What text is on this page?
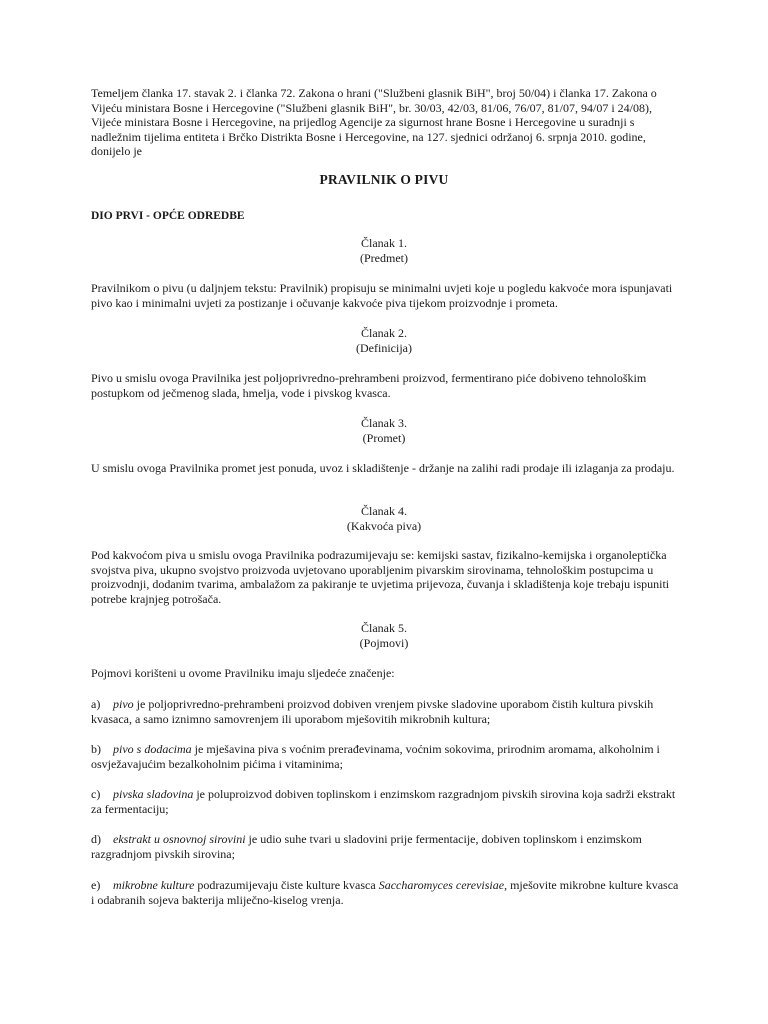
Temeljem članka 17. stavak 2. i članka 72. Zakona o hrani ("Službeni glasnik BiH", broj 50/04) i članka 17. Zakona o Vijeću ministara Bosne i Hercegovine ("Službeni glasnik BiH", br. 30/03, 42/03, 81/06, 76/07, 81/07, 94/07 i 24/08), Vijeće ministara Bosne i Hercegovine, na prijedlog Agencije za sigurnost hrane Bosne i Hercegovine u suradnji s nadležnim tijelima entiteta i Brčko Distrikta Bosne i Hercegovine, na 127. sjednici održanoj 6. srpnja 2010. godine, donijelo je

PRAVILNIK O PIVU
DIO PRVI - OPĆE ODREDBE
Članak 1.
(Predmet)

Pravilnikom o pivu (u daljnjem tekstu: Pravilnik) propisuju se minimalni uvjeti koje u pogledu kakvoće mora ispunjavati pivo kao i minimalni uvjeti za postizanje i očuvanje kakvoće piva tijekom proizvodnje i prometa.

Članak 2.
(Definicija)

Pivo u smislu ovoga Pravilnika jest poljoprivredno-prehrambeni proizvod, fermentirano piće dobiveno tehnološkim postupkom od ječmenog slada, hmelja, vode i pivskog kvasca.

Članak 3.
(Promet)

U smislu ovoga Pravilnika promet jest ponuda, uvoz i skladištenje - držanje na zalihi radi prodaje ili izlaganja za prodaju.

Članak 4.
(Kakvoća piva)

Pod kakvoćom piva u smislu ovoga Pravilnika podrazumijevaju se: kemijski sastav, fizikalno-kemijska i organoleptička svojstva piva, ukupno svojstvo proizvoda uvjetovano uporabljenim pivarskim sirovinama, tehnološkim postupcima u proizvodnji, dodanim tvarima, ambalažom za pakiranje te uvjetima prijevoza, čuvanja i skladištenja koje trebaju ispuniti potrebe krajnjeg potrošača.

Članak 5.
(Pojmovi)

Pojmovi korišteni u ovome Pravilniku imaju sljedeće značenje:

a) pivo je poljoprivredno-prehrambeni proizvod dobiven vrenjem pivske sladovine uporabom čistih kultura pivskih kvasaca, a samo iznimno samovrenjem ili uporabom mješovitih mikrobnih kultura;

b) pivo s dodacima je mješavina piva s voćnim prerađevinama, voćnim sokovima, prirodnim aromama, alkoholnim i osvježavajućim bezalkoholnim pićima i vitaminima;

c) pivska sladovina je poluproizvod dobiven toplinskom i enzimskom razgradnjom pivskih sirovina koja sadrži ekstrakt za fermentaciju;

d) ekstrakt u osnovnoj sirovini je udio suhe tvari u sladovini prije fermentacije, dobiven toplinskom i enzimskom razgradnjom pivskih sirovina;

e) mikrobne kulture podrazumijevaju čiste kulture kvasca Saccharomyces cerevisiae, mješovite mikrobne kulture kvasca i odabranih sojeva bakterija mliječno-kiselog vrenja.
